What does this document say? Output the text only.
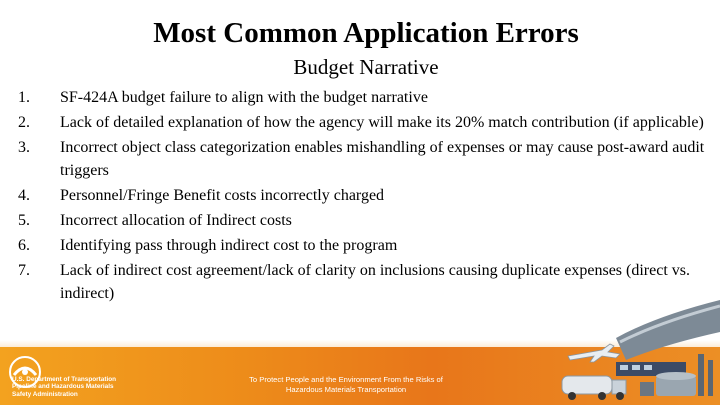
Most Common Application Errors
Budget Narrative
1.	SF-424A budget failure to align with the budget narrative
2.	Lack of detailed explanation of how the agency will make its 20% match contribution (if applicable)
3.	Incorrect object class categorization enables mishandling of expenses or may cause post-award audit triggers
4.	Personnel/Fringe Benefit costs incorrectly charged
5.	Incorrect allocation of Indirect costs
6.	Identifying pass through indirect cost to the program
7.	Lack of indirect cost agreement/lack of clarity on inclusions causing duplicate expenses (direct vs. indirect)
U.S. Department of Transportation
Pipeline and Hazardous Materials
Safety Administration
To Protect People and the Environment From the Risks of
Hazardous Materials Transportation
